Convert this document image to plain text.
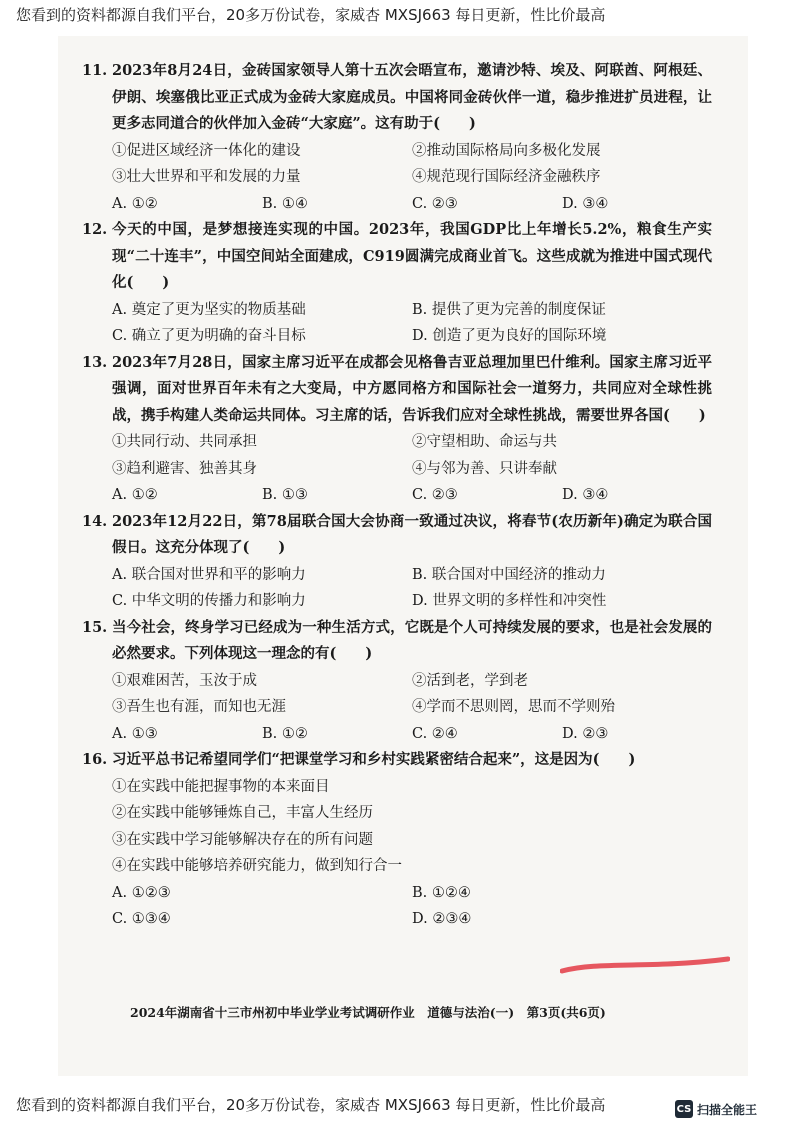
您看到的资料都源自我们平台，20多万份试卷，家威杏 MXSJ663 每日更新，性比价最高
11. 2023年8月24日，金砖国家领导人第十五次会晤宣布，邀请沙特、埃及、阿联酋、阿根廷、伊朗、埃塞俄比亚正式成为金砖大家庭成员。中国将同金砖伙伴一道，稳步推进扩员进程，让更多志同道合的伙伴加入金砖“大家庭”。这有助于(　　)
①促进区域经济一体化的建设	②推动国际格局向多极化发展
③壮大世界和平和发展的力量	④规范现行国际经济金融秩序
A. ①②	B. ①④	C. ②③	D. ③④
12. 今天的中国，是梦想接连实现的中国。2023年，我国GDP比上年增长5.2%，粮食生产实现“二十连丰”，中国空间站全面建成，C919圆满完成商业首飞。这些成就为推进中国式现代化(　　)
A. 奠定了更为坚实的物质基础	B. 提供了更为完善的制度保证
C. 确立了更为明确的奋斗目标	D. 创造了更为良好的国际环境
13. 2023年7月28日，国家主席习近平在成都会见格鲁吉亚总理加里巴什维利。国家主席习近平强调，面对世界百年未有之大变局，中方愿同格方和国际社会一道努力，共同应对全球性挑战，携手构建人类命运共同体。习主席的话，告诉我们应对全球性挑战，需要世界各国(　　)
①共同行动、共同承担	②守望相助、命运与共
③趋利避害、独善其身	④与邻为善、只讲奉献
A. ①②	B. ①③	C. ②③	D. ③④
14. 2023年12月22日，第78届联合国大会协商一致通过决议，将春节(农历新年)确定为联合国假日。这充分体现了(　　)
A. 联合国对世界和平的影响力	B. 联合国对中国经济的推动力
C. 中华文明的传播力和影响力	D. 世界文明的多样性和冲突性
15. 当今社会，终身学习已经成为一种生活方式，它既是个人可持续发展的要求，也是社会发展的必然要求。下列体现这一理念的有(　　)
①艰难困苦，玉汝于成	②活到老，学到老
③吾生也有涯，而知也无涯	④学而不思则罔，思而不学则殆
A. ①③	B. ①②	C. ②④	D. ②③
16. 习近平总书记希望同学们“把课堂学习和乡村实践紧密结合起来”，这是因为(　　)
①在实践中能把握事物的本来面目
②在实践中能够锤炼自己，丰富人生经历
③在实践中学习能够解决存在的所有问题
④在实践中能够培养研究能力，做到知行合一
A. ①②③	B. ①②④
C. ①③④	D. ②③④
2024年湖南省十三市州初中毕业学业考试调研作业　道德与法治(一)　第3页(共6页)
您看到的资料都源自我们平台，20多万份试卷，家威杏 MXSJ663 每日更新，性比价最高	CS 扫描全能王
